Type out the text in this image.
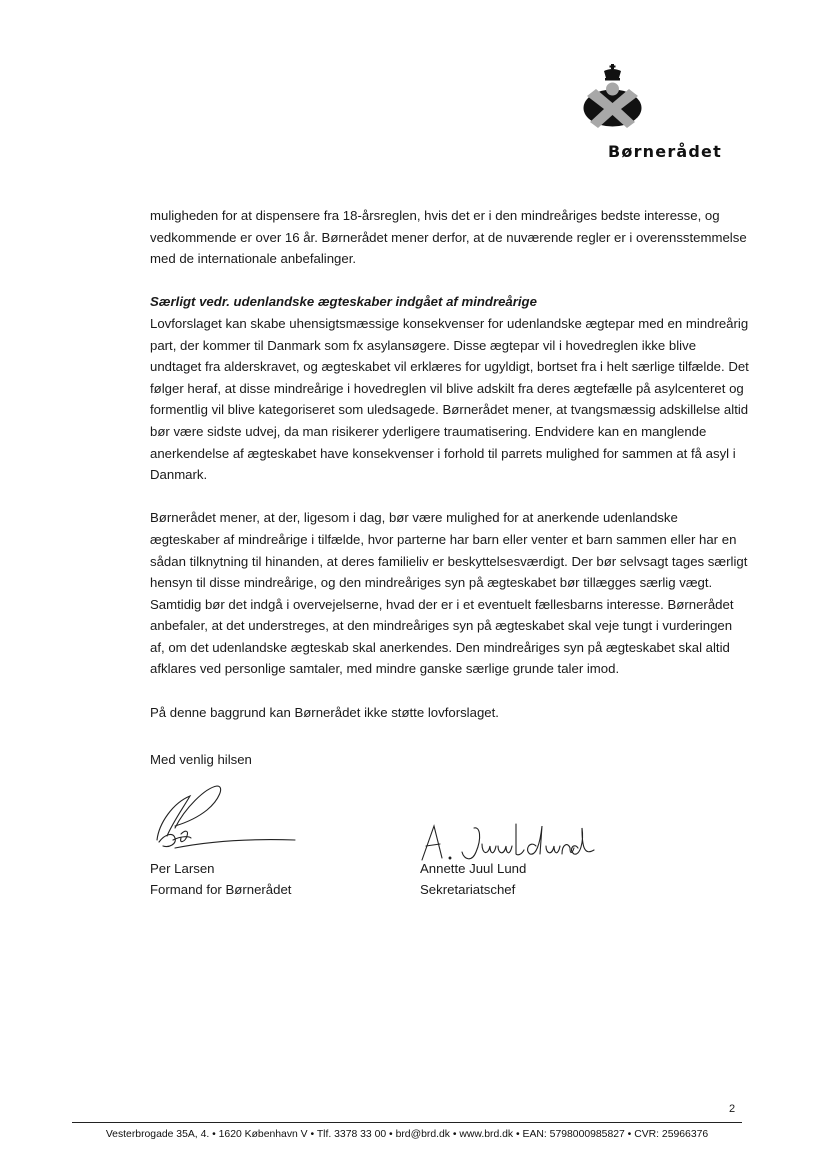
Børnerådet

muligheden for at dispensere fra 18-årsreglen, hvis det er i den mindreåriges bedste interesse, og vedkommende er over 16 år. Børnerådet mener derfor, at de nuværende regler er i overensstemmelse med de internationale anbefalinger.

Særligt vedr. udenlandske ægteskaber indgået af mindreårige
Lovforslaget kan skabe uhensigtsmæssige konsekvenser for udenlandske ægtepar med en mindreårig part, der kommer til Danmark som fx asylansøgere. Disse ægtepar vil i hovedreglen ikke blive undtaget fra alderskravet, og ægteskabet vil erklæres for ugyldigt, bortset fra i helt særlige tilfælde. Det følger heraf, at disse mindreårige i hovedreglen vil blive adskilt fra deres ægtefælle på asylcenteret og formentlig vil blive kategoriseret som uledsagede. Børnerådet mener, at tvangsmæssig adskillelse altid bør være sidste udvej, da man risikerer yderligere traumatisering. Endvidere kan en manglende anerkendelse af ægteskabet have konsekvenser i forhold til parrets mulighed for sammen at få asyl i Danmark.

Børnerådet mener, at der, ligesom i dag, bør være mulighed for at anerkende udenlandske ægteskaber af mindreårige i tilfælde, hvor parterne har barn eller venter et barn sammen eller har en sådan tilknytning til hinanden, at deres familieliv er beskyttelsesværdigt. Der bør selvsagt tages særligt hensyn til disse mindreårige, og den mindreåriges syn på ægteskabet bør tillægges særlig vægt. Samtidig bør det indgå i overvejelserne, hvad der er i et eventuelt fællesbarns interesse. Børnerådet anbefaler, at det understreges, at den mindreåriges syn på ægteskabet skal veje tungt i vurderingen af, om det udenlandske ægteskab skal anerkendes. Den mindreåriges syn på ægteskabet skal altid afklares ved personlige samtaler, med mindre ganske særlige grunde taler imod.

På denne baggrund kan Børnerådet ikke støtte lovforslaget.

Med venlig hilsen
Per Larsen
Formand for Børnerådet
Annette Juul Lund
Sekretariatschef
2
Vesterbrogade 35A, 4. • 1620 København V • Tlf. 3378 33 00 • brd@brd.dk • www.brd.dk • EAN: 5798000985827 • CVR: 25966376
